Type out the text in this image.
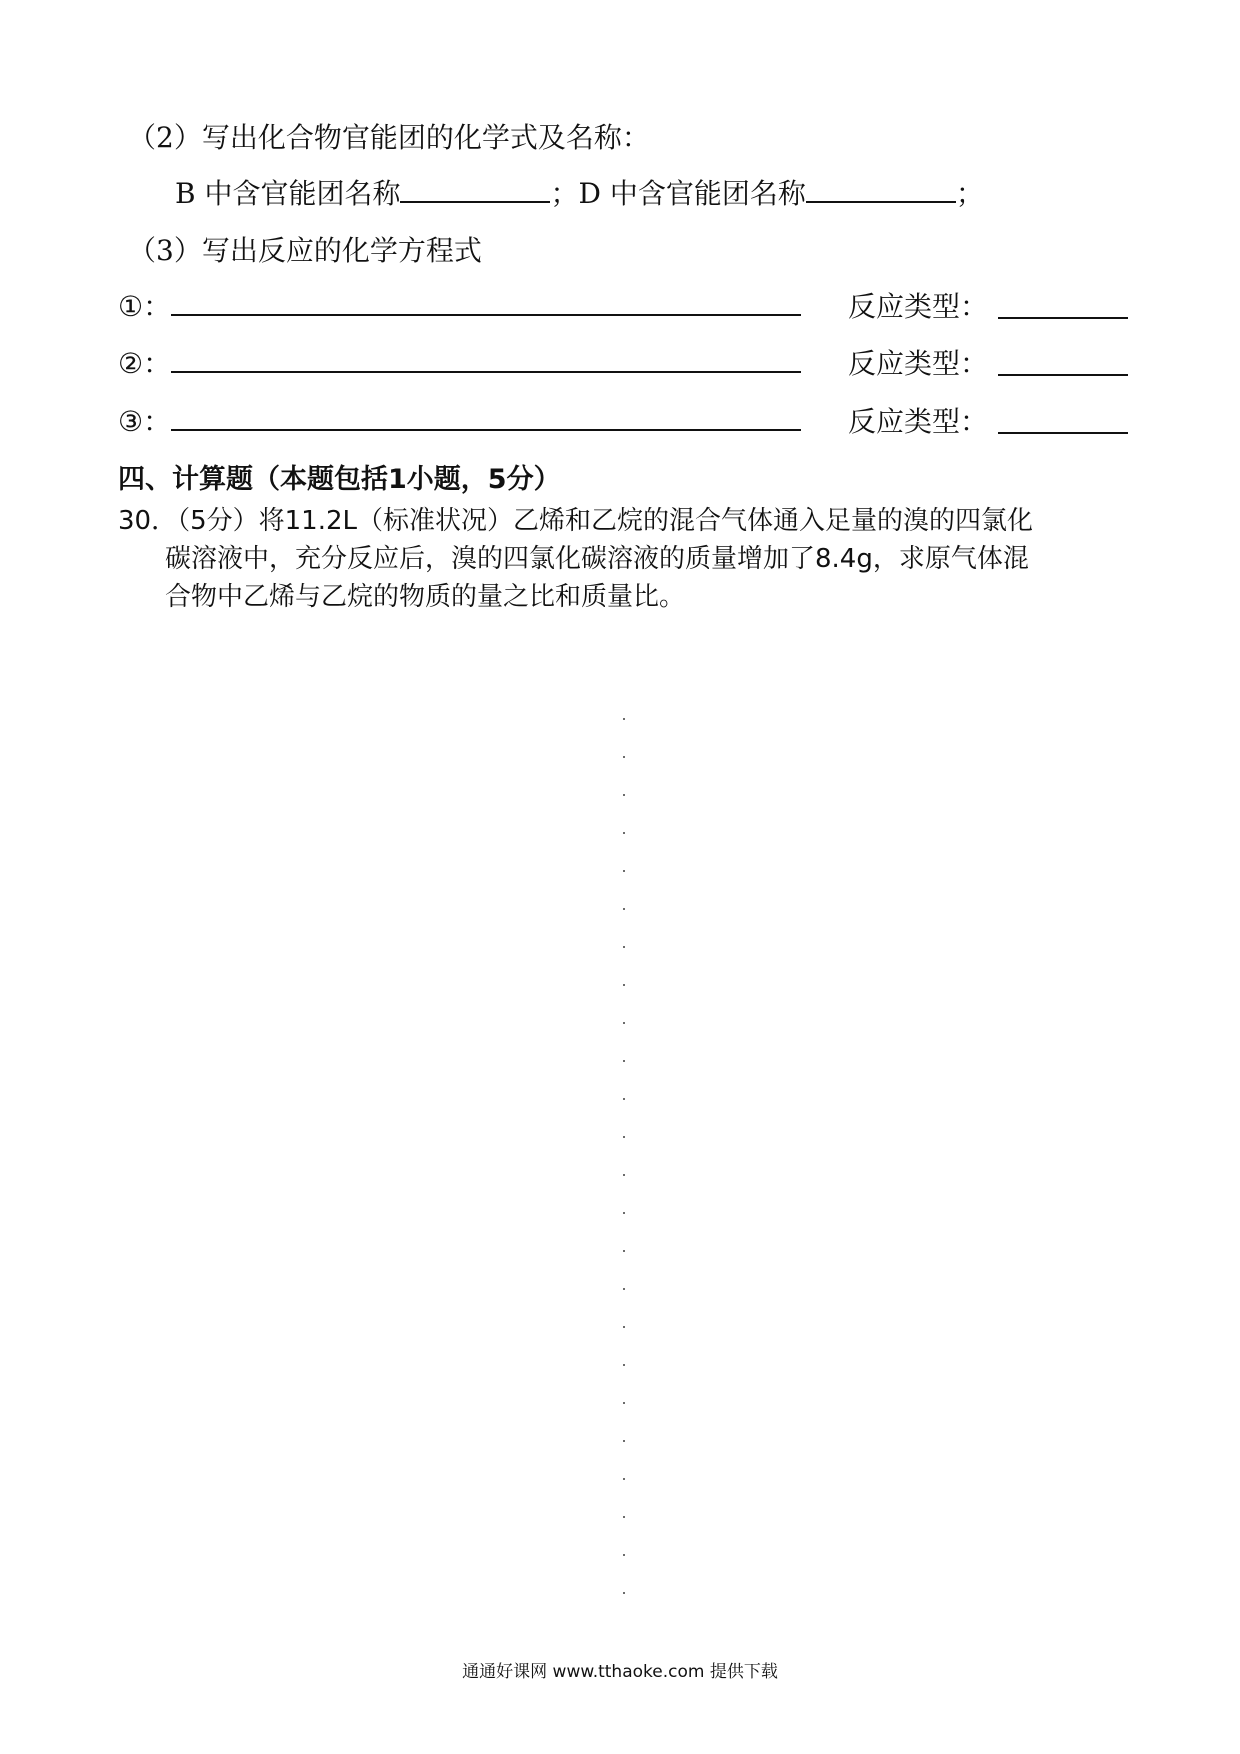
（2）写出化合物官能团的化学式及名称：
B 中含官能团名称	；D 中含官能团名称	；
（3）写出反应的化学方程式
①：	反应类型：
②：	反应类型：
③：	反应类型：
四、计算题（本题包括1小题，5分）
30．（5分）将11.2L（标准状况）乙烯和乙烷的混合气体通入足量的溴的四氯化
碳溶液中，充分反应后，溴的四氯化碳溶液的质量增加了8.4g，求原气体混
合物中乙烯与乙烷的物质的量之比和质量比。
通通好课网 www.tthaoke.com 提供下载
